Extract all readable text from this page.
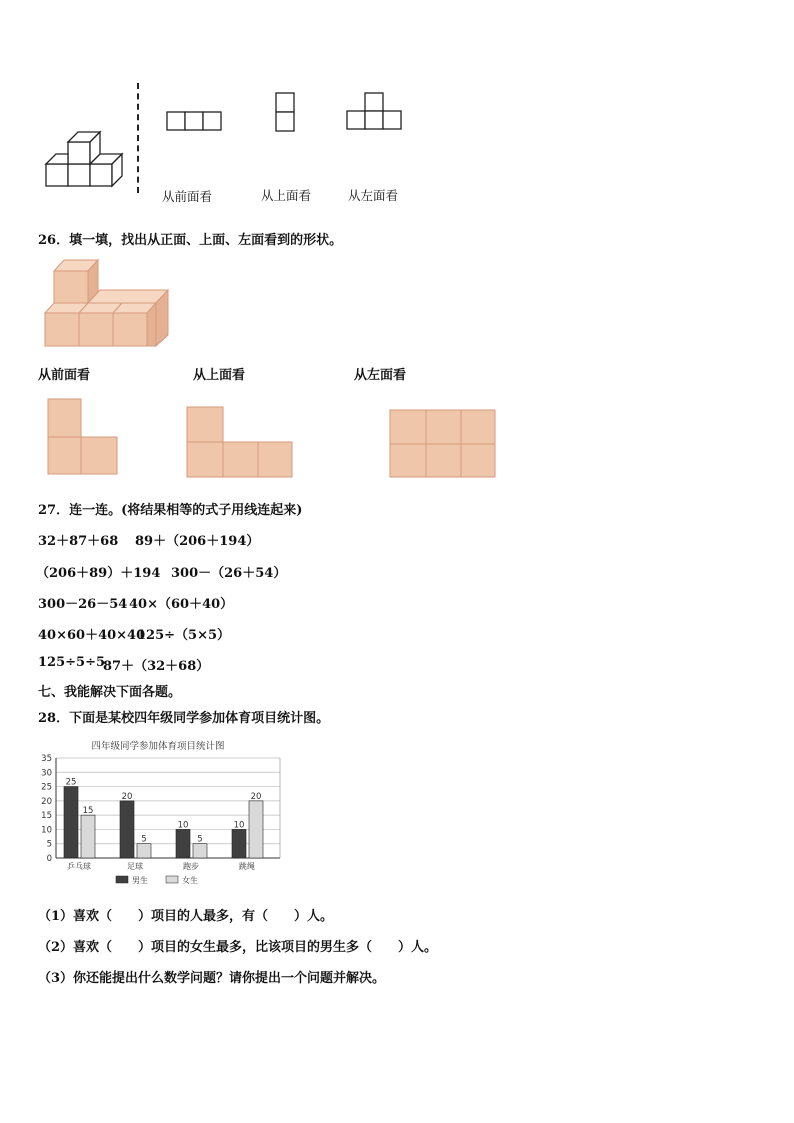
从前面看	从上面看	从左面看
26．填一填，找出从正面、上面、左面看到的形状。
从前面看	从上面看	从左面看
27．连一连。(将结果相等的式子用线连起来)
32＋87＋68 89＋（206＋194）
（206＋89）＋194 300－（26＋54）
300－26－54 40×（60＋40）
40×60＋40×40
125÷（5×5）
125÷5÷5
87＋（32＋68）
七、我能解决下面各题。
28．下面是某校四年级同学参加体育项目统计图。
四年级同学参加体育项目统计图
0
5
10
15
20
25
30
35
25
15
乒乓球
20
5
足球
10
5
跑步
10
20
跳绳
男生	女生
（1）喜欢（　　）项目的人最多，有（　　）人。
（2）喜欢（　　）项目的女生最多，比该项目的男生多（　　）人。
（3）你还能提出什么数学问题？请你提出一个问题并解决。
